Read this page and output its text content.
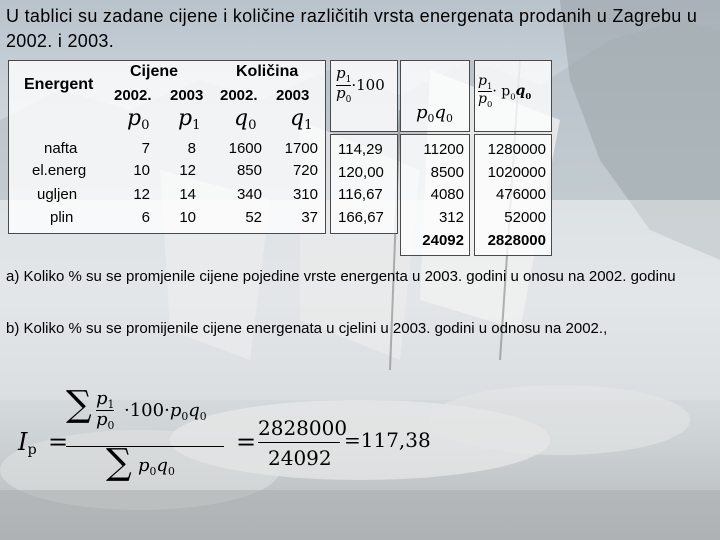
U tablici su zadane cijene i količine različitih vrsta energenata prodanih u Zagrebu u 2002. i 2003.
Energent
Cijene	Količina
2002. 2003 2002. 2003
$p_0$ $p_1$ $q_0$ $q_1$
nafta
el.energ
ugljen
plin
7
10
12
6
8
12
14
10
1600
850
340
52
1700
720
310
37
$\frac{p_1}{p_0} \cdot 100$
114,29
120,00
116,67
166,67
$p_0q_0$
11200
8500
4080
312
24092
$\frac{p_1}{p_0} \cdot p_0q_0$
1280000
1020000
476000
52000
2828000
a) Koliko % su se promjenile cijene pojedine vrste energenta u 2003. godini u onosu na 2002. godinu
b) Koliko % su se promijenile cijene energenata u cjelini u 2003. godini u odnosu na 2002.,
$I_p$ =
∑ $\frac{p_1}{p_0} \cdot 100\cdot p_0q_0$
∑ $p_0q_0$
= 2828000
24092
=117,38
